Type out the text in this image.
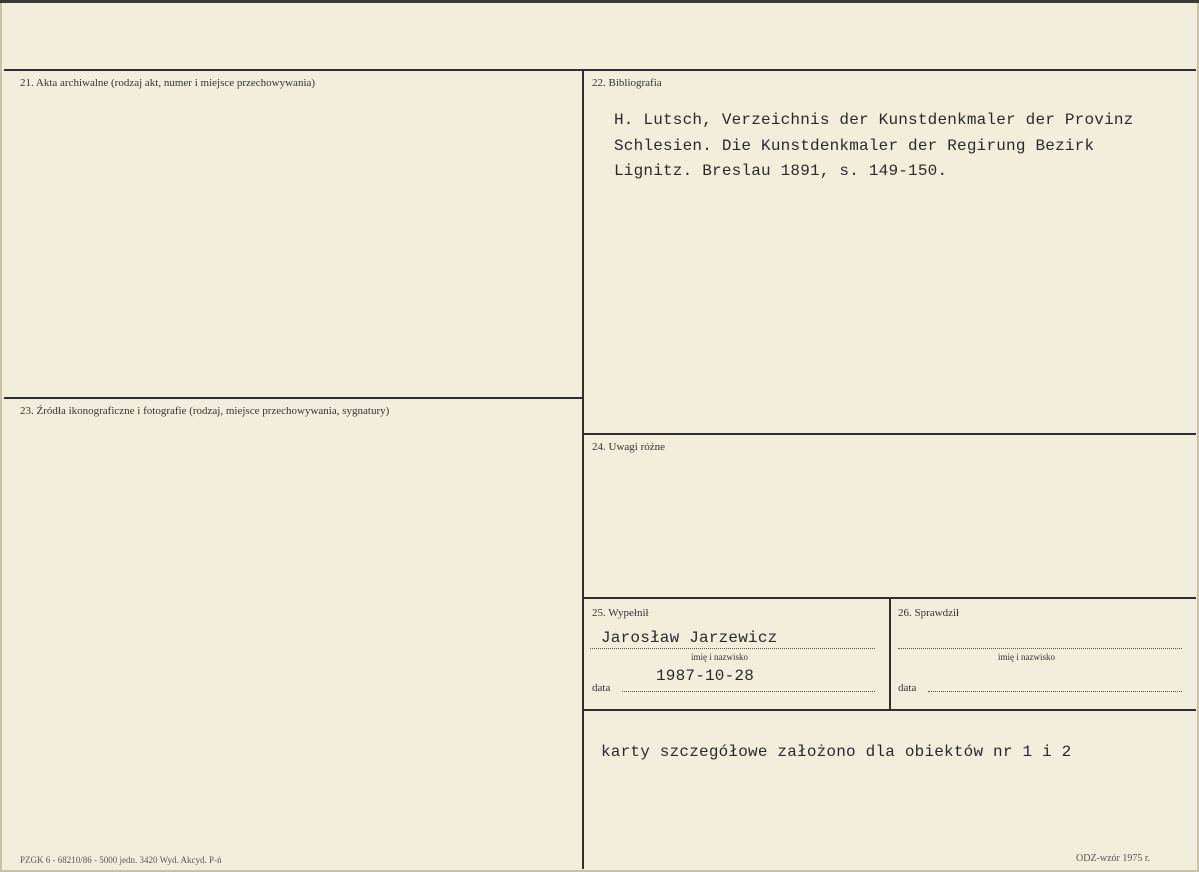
21. Akta archiwalne (rodzaj akt, numer i miejsce przechowywania)	22. Bibliografia
H. Lutsch, Verzeichnis der Kunstdenkmaler der Provinz
Schlesien. Die Kunstdenkmaler der Regirung Bezirk
Lignitz. Breslau 1891, s. 149-150.
23. Źródła ikonograficzne i fotografie (rodzaj, miejsce przechowywania, sygnatury)
24. Uwagi różne
25. Wypełnił
Jarosław Jarzewicz
imię i nazwisko
1987-10-28
data
26. Sprawdził
imię i nazwisko
data
karty szczegółowe założono dla obiektów nr 1 i 2
PZGK 6 - 68210/86 - 5000 jedn. 3420 Wyd. Akcyd. P-ń	ODZ-wzór 1975 r.
